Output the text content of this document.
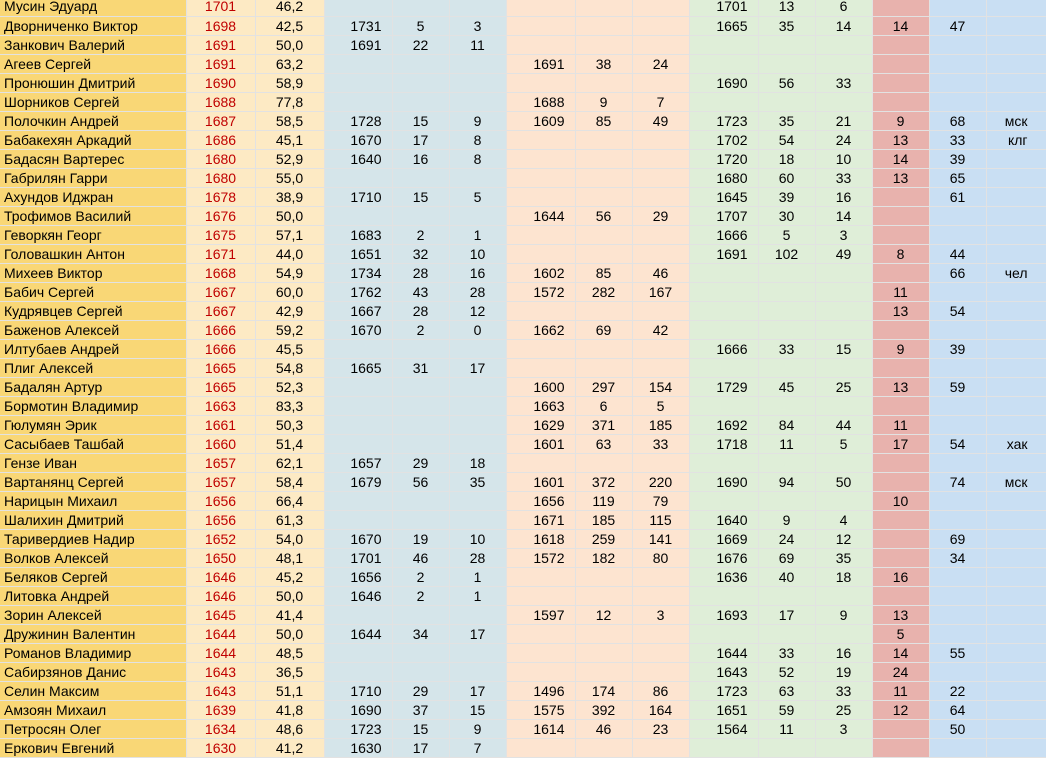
Мусин Эдуард	1701	46,2							1701	13	6			
Дворниченко Виктор	1698	42,5	1731	5	3				1665	35	14	14	47	
Занкович Валерий	1691	50,0	1691	22	11									
Агеев Сергей	1691	63,2				1691	38	24						
Пронюшин Дмитрий	1690	58,9							1690	56	33			
Шорников Сергей	1688	77,8				1688	9	7						
Полочкин Андрей	1687	58,5	1728	15	9	1609	85	49	1723	35	21	9	68	мск
Бабакехян Аркадий	1686	45,1	1670	17	8				1702	54	24	13	33	клг
Бадасян Вартерес	1680	52,9	1640	16	8				1720	18	10	14	39	
Габрилян Гарри	1680	55,0							1680	60	33	13	65	
Ахундов Иджран	1678	38,9	1710	15	5				1645	39	16		61	
Трофимов Василий	1676	50,0				1644	56	29	1707	30	14			
Геворкян Георг	1675	57,1	1683	2	1				1666	5	3			
Головашкин Антон	1671	44,0	1651	32	10				1691	102	49	8	44	
Михеев Виктор	1668	54,9	1734	28	16	1602	85	46					66	чел
Бабич Сергей	1667	60,0	1762	43	28	1572	282	167				11		
Кудрявцев Сергей	1667	42,9	1667	28	12							13	54	
Баженов Алексей	1666	59,2	1670	2	0	1662	69	42						
Илтубаев Андрей	1666	45,5							1666	33	15	9	39	
Плиг Алексей	1665	54,8	1665	31	17									
Бадалян Артур	1665	52,3				1600	297	154	1729	45	25	13	59	
Бормотин Владимир	1663	83,3				1663	6	5						
Гюлумян Эрик	1661	50,3				1629	371	185	1692	84	44	11		
Сасыбаев Ташбай	1660	51,4				1601	63	33	1718	11	5	17	54	хак
Гензе Иван	1657	62,1	1657	29	18									
Вартанянц Сергей	1657	58,4	1679	56	35	1601	372	220	1690	94	50		74	мск
Нарицын Михаил	1656	66,4				1656	119	79				10		
Шалихин Дмитрий	1656	61,3				1671	185	115	1640	9	4			
Таривердиев Надир	1652	54,0	1670	19	10	1618	259	141	1669	24	12		69	
Волков Алексей	1650	48,1	1701	46	28	1572	182	80	1676	69	35		34	
Беляков Сергей	1646	45,2	1656	2	1				1636	40	18	16		
Литовка Андрей	1646	50,0	1646	2	1									
Зорин Алексей	1645	41,4				1597	12	3	1693	17	9	13		
Дружинин Валентин	1644	50,0	1644	34	17							5		
Романов Владимир	1644	48,5							1644	33	16	14	55	
Сабирзянов Данис	1643	36,5							1643	52	19	24		
Селин Максим	1643	51,1	1710	29	17	1496	174	86	1723	63	33	11	22	
Амзоян Михаил	1639	41,8	1690	37	15	1575	392	164	1651	59	25	12	64	
Петросян Олег	1634	48,6	1723	15	9	1614	46	23	1564	11	3		50	
Еркович Евгений	1630	41,2	1630	17	7									
